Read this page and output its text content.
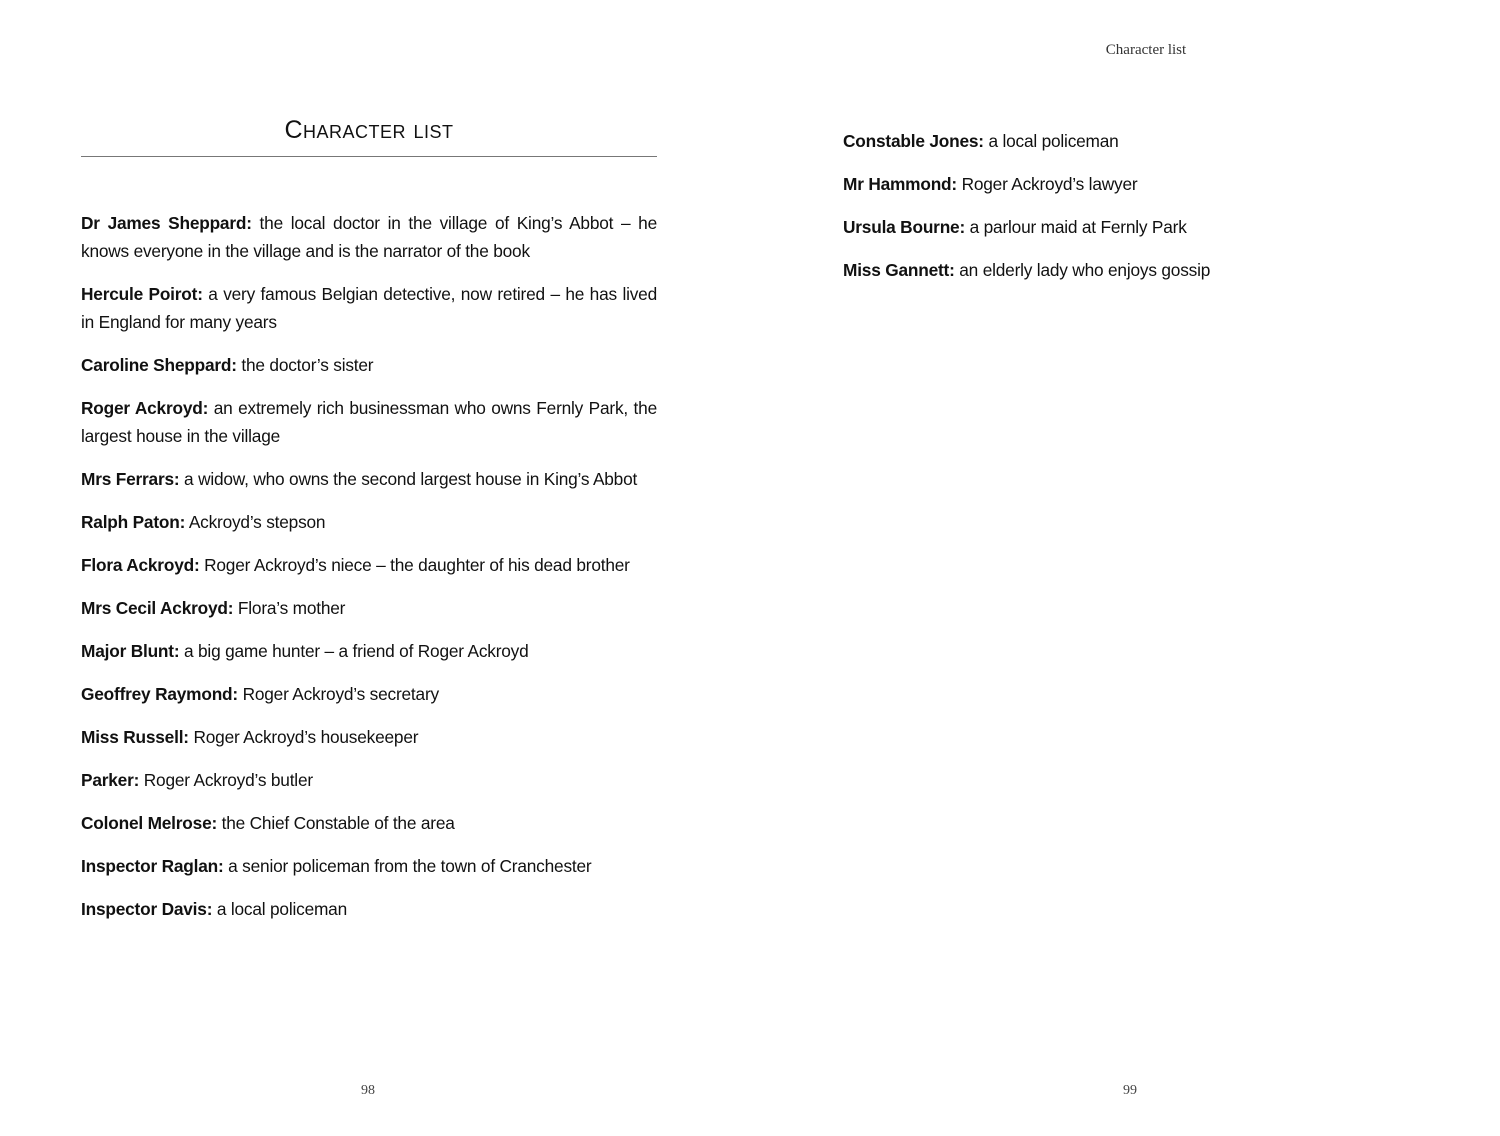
Character list

Dr James Sheppard: the local doctor in the village of King’s Abbot – he knows everyone in the village and is the narrator of the book

Hercule Poirot: a very famous Belgian detective, now retired – he has lived in England for many years

Caroline Sheppard: the doctor’s sister

Roger Ackroyd: an extremely rich businessman who owns Fernly Park, the largest house in the village

Mrs Ferrars: a widow, who owns the second largest house in King’s Abbot

Ralph Paton: Ackroyd’s stepson

Flora Ackroyd: Roger Ackroyd’s niece – the daughter of his dead brother

Mrs Cecil Ackroyd: Flora’s mother

Major Blunt: a big game hunter – a friend of Roger Ackroyd

Geoffrey Raymond: Roger Ackroyd’s secretary

Miss Russell: Roger Ackroyd’s housekeeper

Parker: Roger Ackroyd’s butler

Colonel Melrose: the Chief Constable of the area

Inspector Raglan: a senior policeman from the town of Cranchester

Inspector Davis: a local policeman

98
Character list

Constable Jones: a local policeman

Mr Hammond: Roger Ackroyd’s lawyer

Ursula Bourne: a parlour maid at Fernly Park

Miss Gannett: an elderly lady who enjoys gossip

99
